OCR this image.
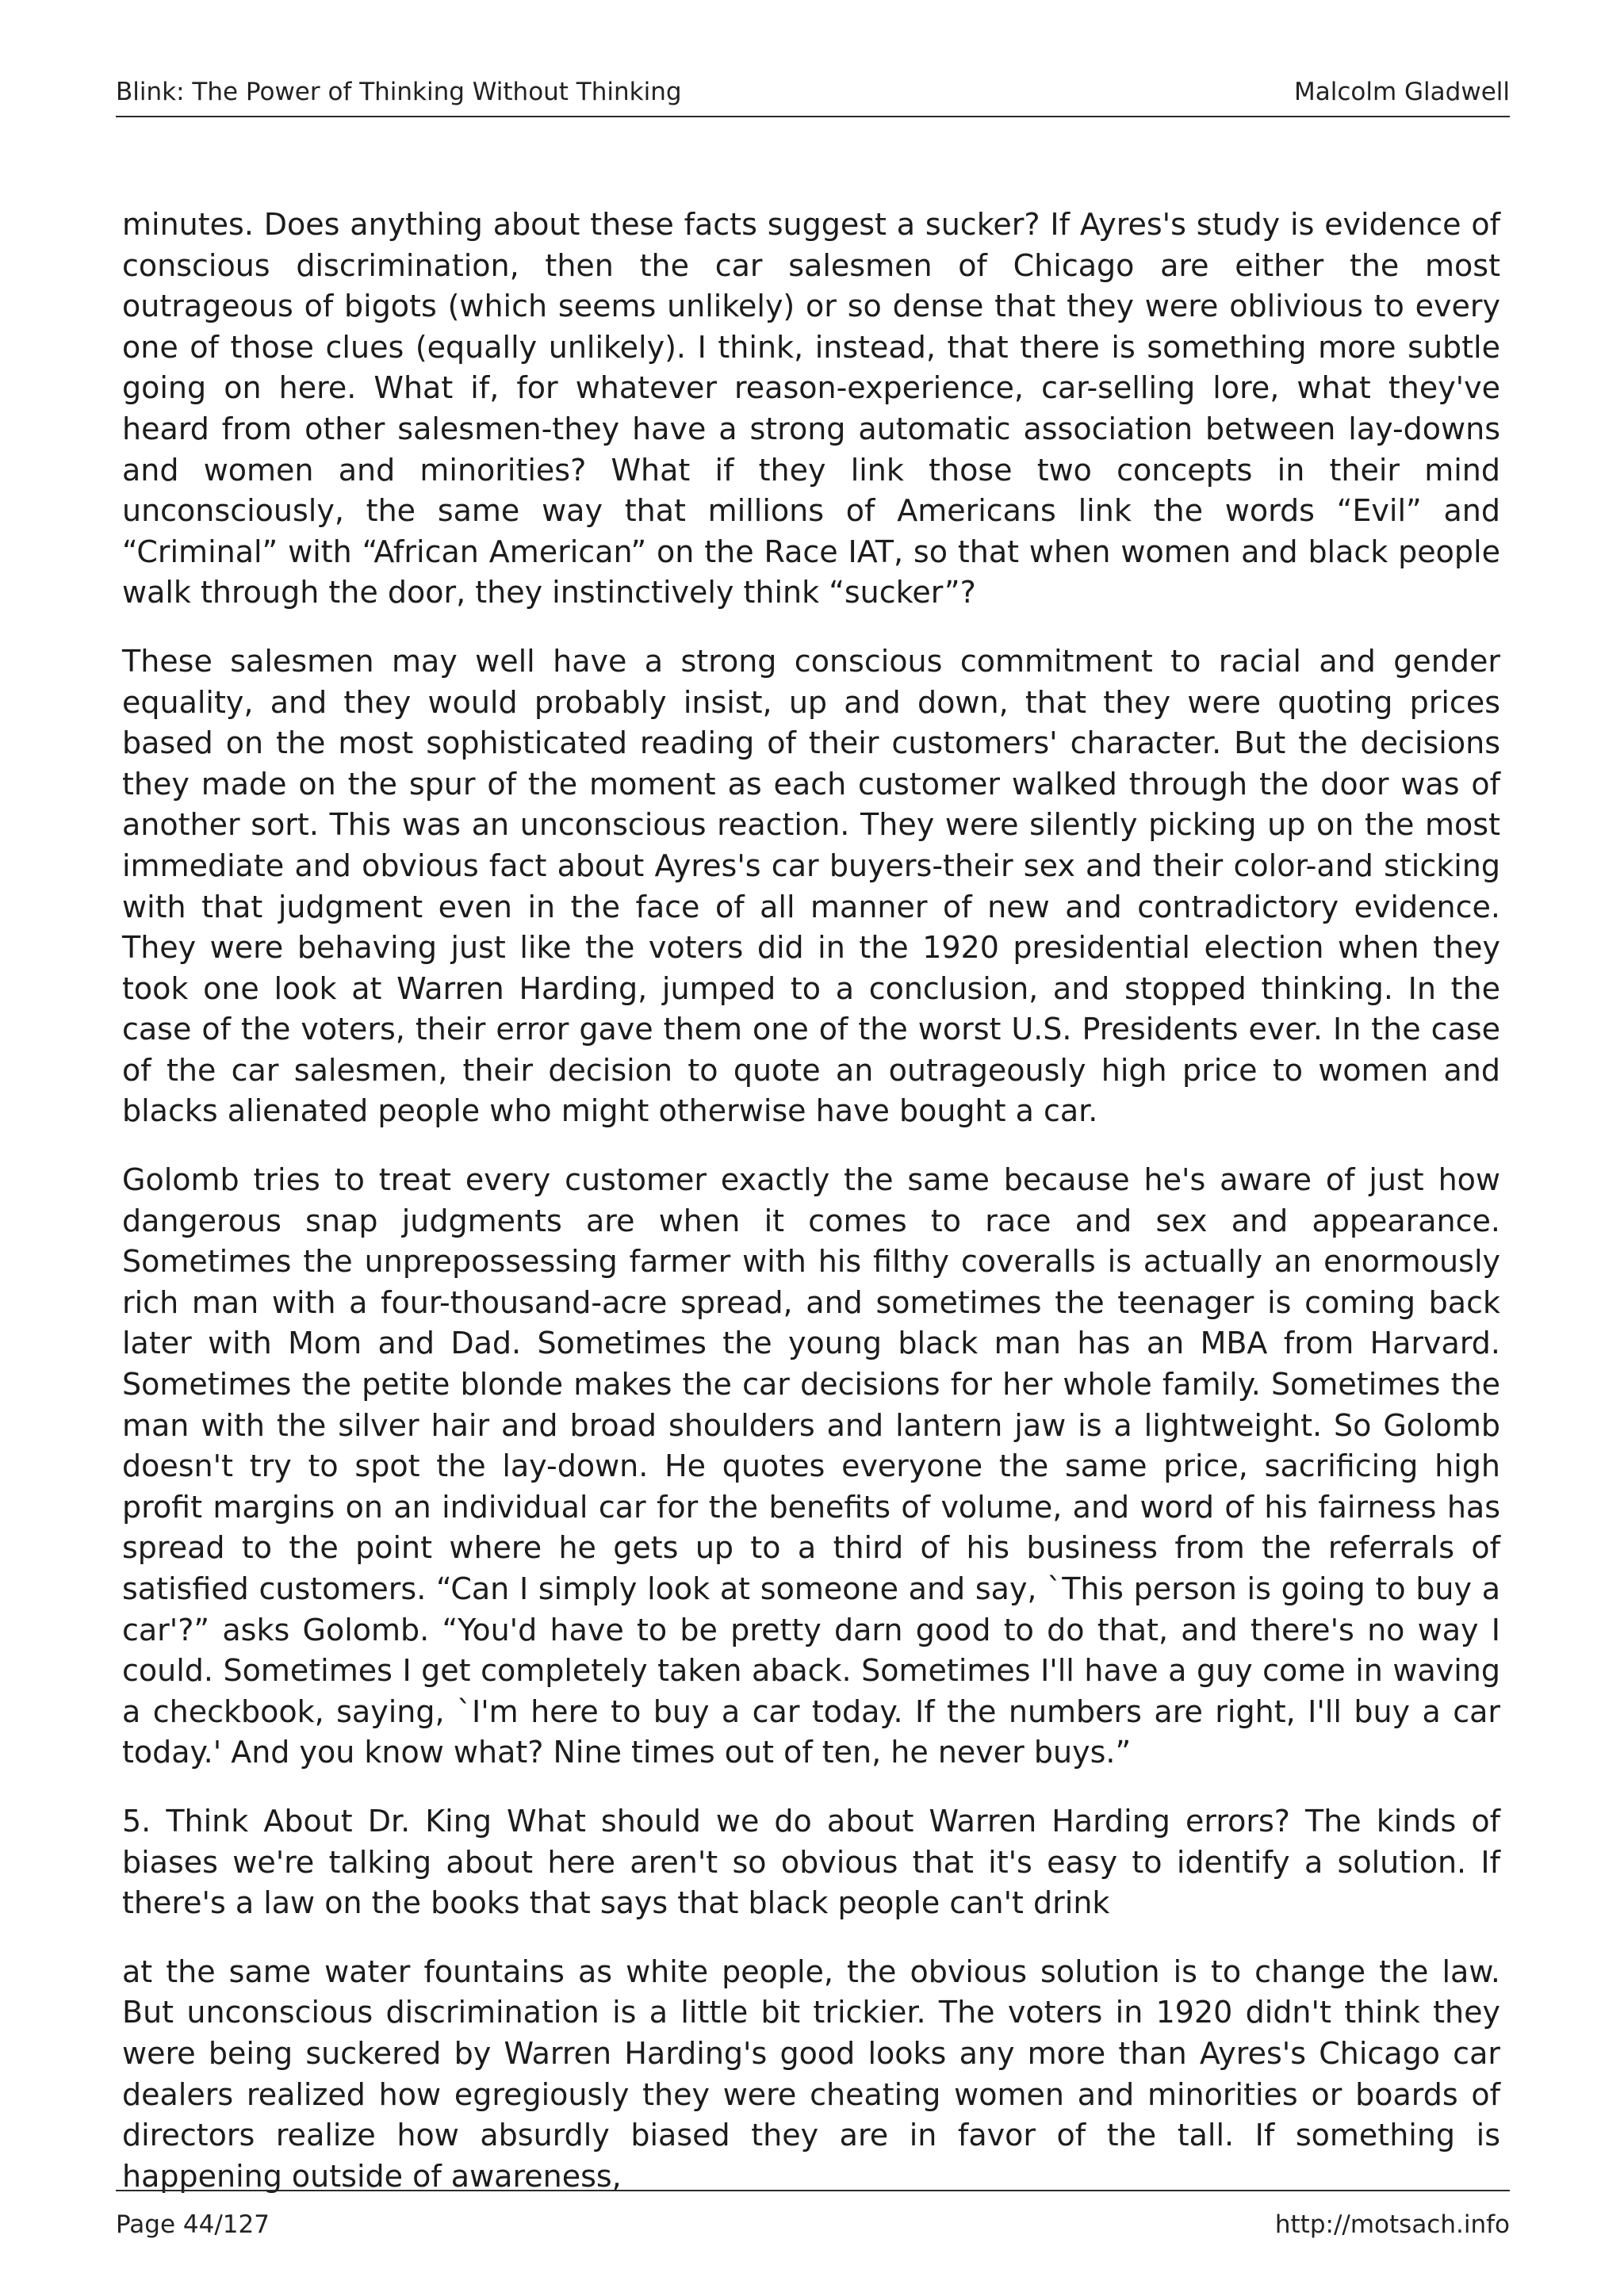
Blink: The Power of Thinking Without Thinking	Malcolm Gladwell

minutes. Does anything about these facts suggest a sucker? If Ayres's study is evidence of conscious discrimination, then the car salesmen of Chicago are either the most outrageous of bigots (which seems unlikely) or so dense that they were oblivious to every one of those clues (equally unlikely). I think, instead, that there is something more subtle going on here. What if, for whatever reason-experience, car-selling lore, what they've heard from other salesmen-they have a strong automatic association between lay-downs and women and minorities? What if they link those two concepts in their mind unconsciously, the same way that millions of Americans link the words “Evil” and “Criminal” with “African American” on the Race IAT, so that when women and black people walk through the door, they instinctively think “sucker”?

These salesmen may well have a strong conscious commitment to racial and gender equality, and they would probably insist, up and down, that they were quoting prices based on the most sophisticated reading of their customers' character. But the decisions they made on the spur of the moment as each customer walked through the door was of another sort. This was an unconscious reaction. They were silently picking up on the most immediate and obvious fact about Ayres's car buyers-their sex and their color-and sticking with that judgment even in the face of all manner of new and contradictory evidence. They were behaving just like the voters did in the 1920 presidential election when they took one look at Warren Harding, jumped to a conclusion, and stopped thinking. In the case of the voters, their error gave them one of the worst U.S. Presidents ever. In the case of the car salesmen, their decision to quote an outrageously high price to women and blacks alienated people who might otherwise have bought a car.

Golomb tries to treat every customer exactly the same because he's aware of just how dangerous snap judgments are when it comes to race and sex and appearance. Sometimes the unprepossessing farmer with his filthy coveralls is actually an enormously rich man with a four-thousand-acre spread, and sometimes the teenager is coming back later with Mom and Dad. Sometimes the young black man has an MBA from Harvard. Sometimes the petite blonde makes the car decisions for her whole family. Sometimes the man with the silver hair and broad shoulders and lantern jaw is a lightweight. So Golomb doesn't try to spot the lay-down. He quotes everyone the same price, sacrificing high profit margins on an individual car for the benefits of volume, and word of his fairness has spread to the point where he gets up to a third of his business from the referrals of satisfied customers. “Can I simply look at someone and say, `This person is going to buy a car'?” asks Golomb. “You'd have to be pretty darn good to do that, and there's no way I could. Sometimes I get completely taken aback. Sometimes I'll have a guy come in waving a checkbook, saying, `I'm here to buy a car today. If the numbers are right, I'll buy a car today.' And you know what? Nine times out of ten, he never buys.”

5. Think About Dr. King What should we do about Warren Harding errors? The kinds of biases we're talking about here aren't so obvious that it's easy to identify a solution. If there's a law on the books that says that black people can't drink

at the same water fountains as white people, the obvious solution is to change the law. But unconscious discrimination is a little bit trickier. The voters in 1920 didn't think they were being suckered by Warren Harding's good looks any more than Ayres's Chicago car dealers realized how egregiously they were cheating women and minorities or boards of directors realize how absurdly biased they are in favor of the tall. If something is happening outside of awareness,

Page 44/127	http://motsach.info
